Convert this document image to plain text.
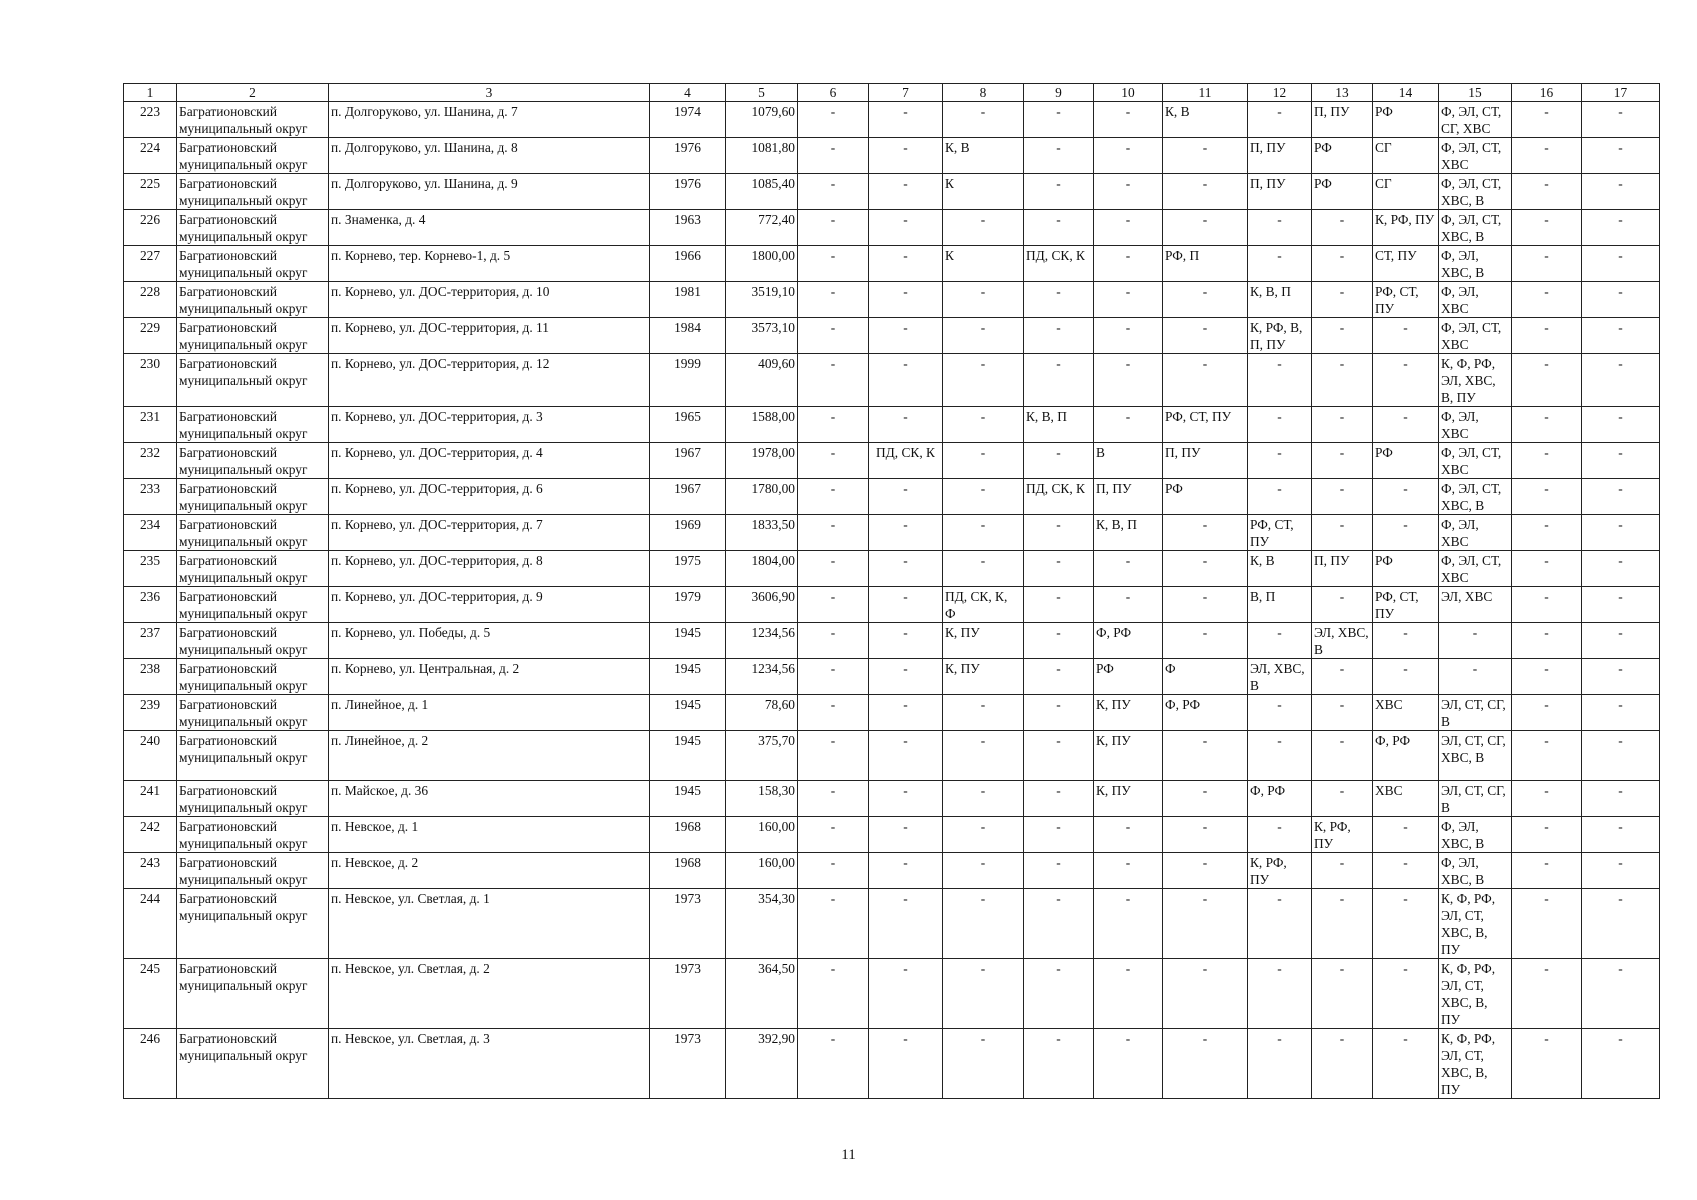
1	2	3	4	5	6	7	8	9	10	11	12	13	14	15	16	17
223	Багратионовский муниципальный округ	п. Долгоруково, ул. Шанина, д. 7	1974	1079,60	-	-	-	-	-	К, В	-	П, ПУ	РФ	Ф, ЭЛ, СТ, СГ, ХВС	-	-
224	Багратионовский муниципальный округ	п. Долгоруково, ул. Шанина, д. 8	1976	1081,80	-	-	К, В	-	-	-	П, ПУ	РФ	СГ	Ф, ЭЛ, СТ, ХВС	-	-
225	Багратионовский муниципальный округ	п. Долгоруково, ул. Шанина, д. 9	1976	1085,40	-	-	К	-	-	-	П, ПУ	РФ	СГ	Ф, ЭЛ, СТ, ХВС, В	-	-
226	Багратионовский муниципальный округ	п. Знаменка, д. 4	1963	772,40	-	-	-	-	-	-	-	-	К, РФ, ПУ	Ф, ЭЛ, СТ, ХВС, В	-	-
227	Багратионовский муниципальный округ	п. Корнево, тер. Корнево-1, д. 5	1966	1800,00	-	-	К	ПД, СК, К	-	РФ, П	-	-	СТ, ПУ	Ф, ЭЛ, ХВС, В	-	-
228	Багратионовский муниципальный округ	п. Корнево, ул. ДОС-территория, д. 10	1981	3519,10	-	-	-	-	-	-	К, В, П	-	РФ, СТ, ПУ	Ф, ЭЛ, ХВС	-	-
229	Багратионовский муниципальный округ	п. Корнево, ул. ДОС-территория, д. 11	1984	3573,10	-	-	-	-	-	-	К, РФ, В, П, ПУ	-	-	Ф, ЭЛ, СТ, ХВС	-	-
230	Багратионовский муниципальный округ	п. Корнево, ул. ДОС-территория, д. 12	1999	409,60	-	-	-	-	-	-	-	-	-	К, Ф, РФ, ЭЛ, ХВС, В, ПУ	-	-
231	Багратионовский муниципальный округ	п. Корнево, ул. ДОС-территория, д. 3	1965	1588,00	-	-	-	К, В, П	-	РФ, СТ, ПУ	-	-	-	Ф, ЭЛ, ХВС	-	-
232	Багратионовский муниципальный округ	п. Корнево, ул. ДОС-территория, д. 4	1967	1978,00	-	ПД, СК, К	-	-	В	П, ПУ	-	-	РФ	Ф, ЭЛ, СТ, ХВС	-	-
233	Багратионовский муниципальный округ	п. Корнево, ул. ДОС-территория, д. 6	1967	1780,00	-	-	-	ПД, СК, К	П, ПУ	РФ	-	-	-	Ф, ЭЛ, СТ, ХВС, В	-	-
234	Багратионовский муниципальный округ	п. Корнево, ул. ДОС-территория, д. 7	1969	1833,50	-	-	-	-	К, В, П	-	РФ, СТ, ПУ	-	-	Ф, ЭЛ, ХВС	-	-
235	Багратионовский муниципальный округ	п. Корнево, ул. ДОС-территория, д. 8	1975	1804,00	-	-	-	-	-	-	К, В	П, ПУ	РФ	Ф, ЭЛ, СТ, ХВС	-	-
236	Багратионовский муниципальный округ	п. Корнево, ул. ДОС-территория, д. 9	1979	3606,90	-	-	ПД, СК, К, Ф	-	-	-	В, П	-	РФ, СТ, ПУ	ЭЛ, ХВС	-	-
237	Багратионовский муниципальный округ	п. Корнево, ул. Победы, д. 5	1945	1234,56	-	-	К, ПУ	-	Ф, РФ	-	-	ЭЛ, ХВС, В	-	-	-	-
238	Багратионовский муниципальный округ	п. Корнево, ул. Центральная, д. 2	1945	1234,56	-	-	К, ПУ	-	РФ	Ф	ЭЛ, ХВС, В	-	-	-	-	-
239	Багратионовский муниципальный округ	п. Линейное, д. 1	1945	78,60	-	-	-	-	К, ПУ	Ф, РФ	-	-	ХВС	ЭЛ, СТ, СГ, В	-	-
240	Багратионовский муниципальный округ	п. Линейное, д. 2	1945	375,70	-	-	-	-	К, ПУ	-	-	-	Ф, РФ	ЭЛ, СТ, СГ, ХВС, В	-	-
241	Багратионовский муниципальный округ	п. Майское, д. 36	1945	158,30	-	-	-	-	К, ПУ	-	Ф, РФ	-	ХВС	ЭЛ, СТ, СГ, В	-	-
242	Багратионовский муниципальный округ	п. Невское, д. 1	1968	160,00	-	-	-	-	-	-	-	К, РФ, ПУ	-	Ф, ЭЛ, ХВС, В	-	-
243	Багратионовский муниципальный округ	п. Невское, д. 2	1968	160,00	-	-	-	-	-	-	К, РФ, ПУ	-	-	Ф, ЭЛ, ХВС, В	-	-
244	Багратионовский муниципальный округ	п. Невское, ул. Светлая, д. 1	1973	354,30	-	-	-	-	-	-	-	-	-	К, Ф, РФ, ЭЛ, СТ, ХВС, В, ПУ	-	-
245	Багратионовский муниципальный округ	п. Невское, ул. Светлая, д. 2	1973	364,50	-	-	-	-	-	-	-	-	-	К, Ф, РФ, ЭЛ, СТ, ХВС, В, ПУ	-	-
246	Багратионовский муниципальный округ	п. Невское, ул. Светлая, д. 3	1973	392,90	-	-	-	-	-	-	-	-	-	К, Ф, РФ, ЭЛ, СТ, ХВС, В, ПУ	-	-
11
